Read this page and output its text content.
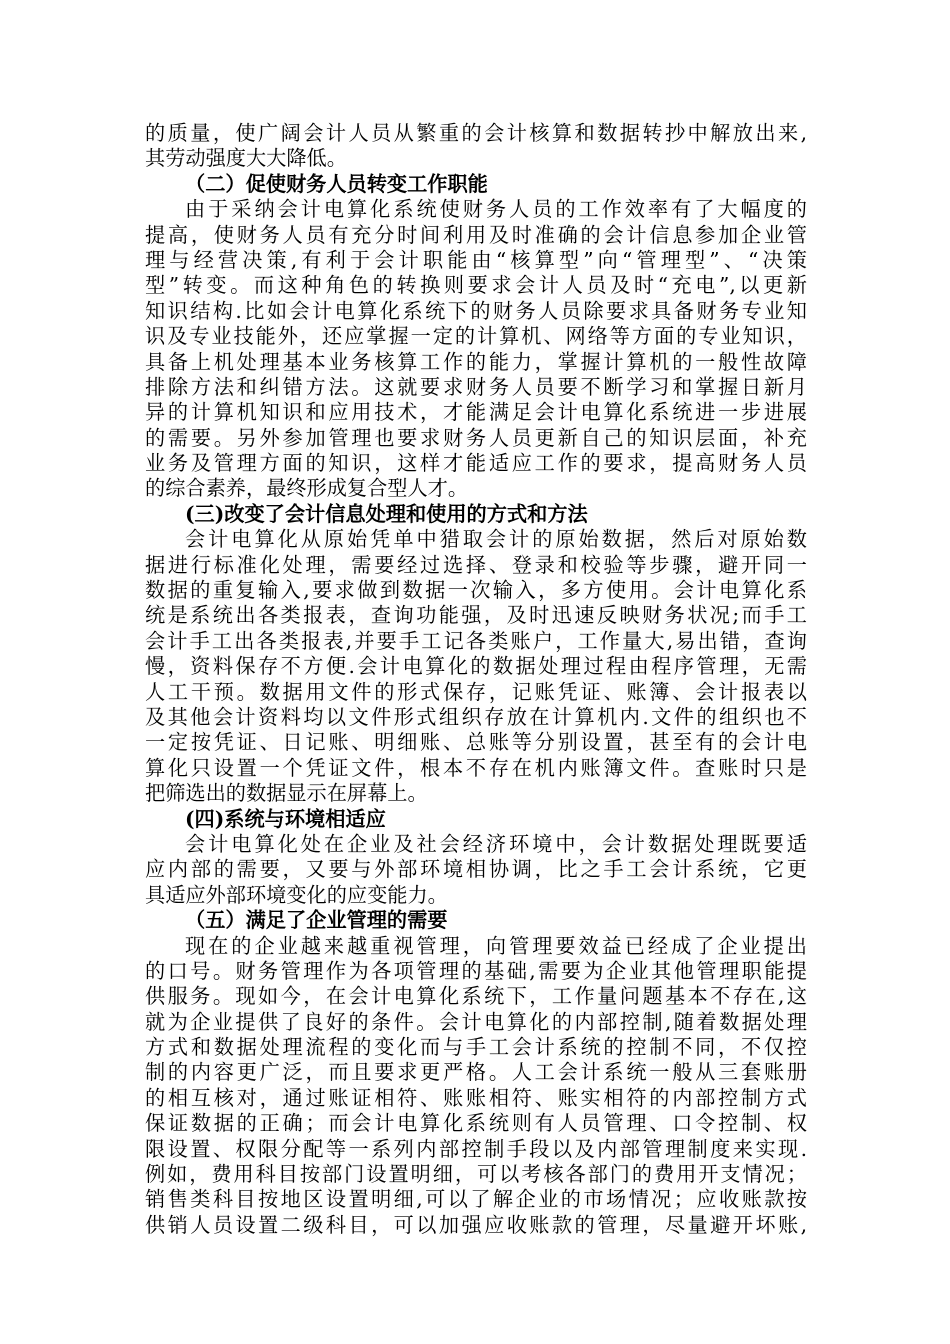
的质量，使广阔会计人员从繁重的会计核算和数据转抄中解放出来,
其劳动强度大大降低。
（二）促使财务人员转变工作职能
由于采纳会计电算化系统使财务人员的工作效率有了大幅度的
提高，使财务人员有充分时间利用及时准确的会计信息参加企业管
理与经营决策,有利于会计职能由“核算型”向“管理型”、“决策
型”转变。而这种角色的转换则要求会计人员及时“充电”,以更新
知识结构.比如会计电算化系统下的财务人员除要求具备财务专业知
识及专业技能外，还应掌握一定的计算机、网络等方面的专业知识，
具备上机处理基本业务核算工作的能力，掌握计算机的一般性故障
排除方法和纠错方法。这就要求财务人员要不断学习和掌握日新月
异的计算机知识和应用技术，才能满足会计电算化系统进一步进展
的需要。另外参加管理也要求财务人员更新自己的知识层面，补充
业务及管理方面的知识，这样才能适应工作的要求，提高财务人员
的综合素养，最终形成复合型人才。
(三)改变了会计信息处理和使用的方式和方法
会计电算化从原始凭单中猎取会计的原始数据，然后对原始数
据进行标准化处理，需要经过选择、登录和校验等步骤，避开同一
数据的重复输入,要求做到数据一次输入，多方使用。会计电算化系
统是系统出各类报表，查询功能强，及时迅速反映财务状况;而手工
会计手工出各类报表,并要手工记各类账户，工作量大,易出错，查询
慢，资料保存不方便.会计电算化的数据处理过程由程序管理，无需
人工干预。数据用文件的形式保存，记账凭证、账簿、会计报表以
及其他会计资料均以文件形式组织存放在计算机内.文件的组织也不
一定按凭证、日记账、明细账、总账等分别设置，甚至有的会计电
算化只设置一个凭证文件，根本不存在机内账簿文件。查账时只是
把筛选出的数据显示在屏幕上。
(四)系统与环境相适应
会计电算化处在企业及社会经济环境中，会计数据处理既要适
应内部的需要，又要与外部环境相协调，比之手工会计系统，它更
具适应外部环境变化的应变能力。
（五）满足了企业管理的需要
现在的企业越来越重视管理，向管理要效益已经成了企业提出
的口号。财务管理作为各项管理的基础,需要为企业其他管理职能提
供服务。现如今，在会计电算化系统下，工作量问题基本不存在,这
就为企业提供了良好的条件。会计电算化的内部控制,随着数据处理
方式和数据处理流程的变化而与手工会计系统的控制不同，不仅控
制的内容更广泛，而且要求更严格。人工会计系统一般从三套账册
的相互核对，通过账证相符、账账相符、账实相符的内部控制方式
保证数据的正确；而会计电算化系统则有人员管理、口令控制、权
限设置、权限分配等一系列内部控制手段以及内部管理制度来实现.
例如，费用科目按部门设置明细，可以考核各部门的费用开支情况；
销售类科目按地区设置明细,可以了解企业的市场情况；应收账款按
供销人员设置二级科目，可以加强应收账款的管理，尽量避开坏账,
